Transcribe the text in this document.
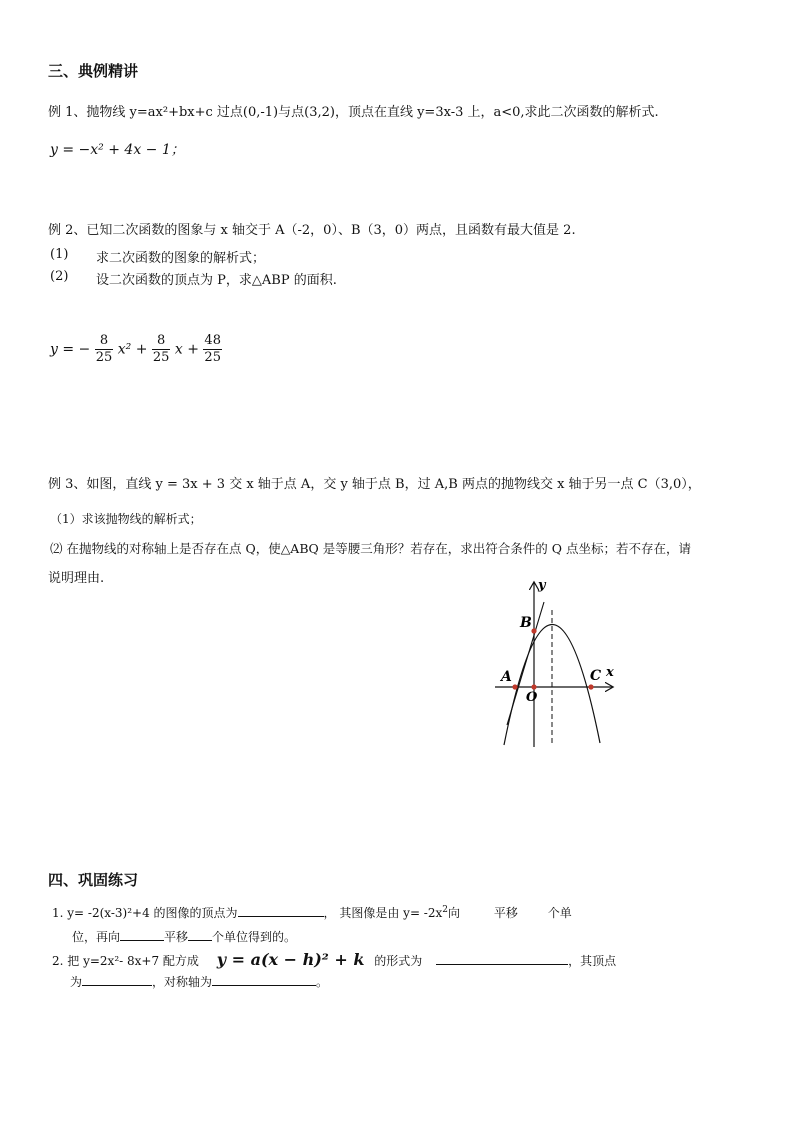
三、典例精讲
例 1、抛物线 y=ax²+bx+c 过点(0,-1)与点(3,2)，顶点在直线 y=3x-3 上，a<0,求此二次函数的解析式.
y = −x² + 4x − 1；
例 2、已知二次函数的图象与 x 轴交于 A（-2，0）、B（3，0）两点，且函数有最大值是 2.
(1) 求二次函数的图象的解析式；
(2) 设二次函数的顶点为 P，求△ABP 的面积.
y = − $\frac{8}{25} x^2 + \frac{8}{25}$ $x + \frac{48}{25}$
例 3、如图，直线 y = 3x + 3 交 x 轴于点 A，交 y 轴于点 B，过 A,B 两点的抛物线交 x 轴于另一点 C（3,0），
（1）求该抛物线的解析式；
⑵ 在抛物线的对称轴上是否存在点 Q，使△ABQ 是等腰三角形？若存在，求出符合条件的 Q 点坐标；若不存在，请
说明理由.	y
x
B
A	C
O
四、巩固练习
1. y= -2(x-3)²+4 的图像的顶点为	， 其图像是由 $y= -2x^2$向	平移 个单
位，再向	平移 个单位得到的。
2. 把 y=2x²- 8x+7 配方成 y = a(x − h)² + k 的形式为	，其顶点
为	，对称轴为	。
